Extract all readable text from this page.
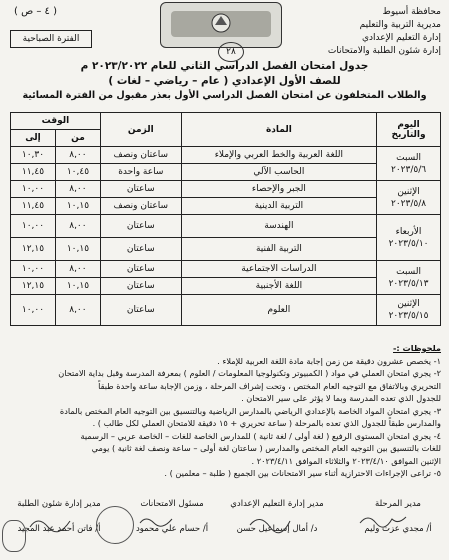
محافظة أسيوط
مديرية التربية والتعليم
إدارة التعليم الإعدادي
إدارة شئون الطلبة والامتحانات
( ٤ – ص )
الفترة الصباحية
٢٨
جدول امتحان الفصل الدراسي الثاني للعام ٢٠٢٣/٢٠٢٢ م
للصف الأول الإعدادي ( عام – رياضي – لغات )
والطلاب المتخلفون عن امتحان الفصل الدراسي الأول بعذر مقبول من الفترة المسائية
اليوم والتاريخ	المادة	الزمن	الوقت	
			من	إلى

السبت
٢٠٢٣/٥/٦	اللغة العربية والخط العربي والإملاء	ساعتان ونصف	٨,٠٠	١٠,٣٠
	الحاسب الآلي	ساعة واحدة	١٠,٤٥	١١,٤٥

الإثنين
٢٠٢٣/٥/٨	الجبر والإحصاء	ساعتان	٨,٠٠	١٠,٠٠
	التربية الدينية	ساعتان ونصف	١٠,١٥	١١,٤٥

الأربعاء
٢٠٢٣/٥/١٠	الهندسة	ساعتان	٨,٠٠	١٠,٠٠
	التربية الفنية	ساعتان	١٠,١٥	١٢,١٥

السبت
٢٠٢٣/٥/١٣	الدراسات الاجتماعية	ساعتان	٨,٠٠	١٠,٠٠
	اللغة الأجنبية	ساعتان	١٠,١٥	١٢,١٥

الإثنين
٢٠٢٣/٥/١٥	العلوم	ساعتان	٨,٠٠	١٠,٠٠
ملحوظات :-
١- يخصص عشرون دقيقة من زمن إجابة مادة اللغة العربية للإملاء .
٢- يجري امتحان العملي في مواد ( الكمبيوتر وتكنولوجيا المعلومات / العلوم ) بمعرفة المدرسة وقبل بداية الامتحان
التحريري وبالاتفاق مع التوجيه العام المختص ، وتحت إشراف المرحلة ، وزمن الإجابة ساعة واحدة طبقاً
للجدول الذي تعده المدرسة وبما لا يؤثر على سير الامتحان .
٣- يجري امتحان المواد الخاصة بالإعدادي الرياضي بالمدارس الرياضية وبالتنسيق بين التوجيه العام المختص بالمادة
والمدارس طبقاً للجدول الذي تعده بالمرحلة ( ساعة تحريري + ١٥ دقيقة للامتحان العملي لكل طالب ) .
٤- يجري امتحان المستوى الرفيع ( لغة أولى / لغة ثانية ) للمدارس الخاصة للغات – الخاصة عربي – الرسمية
للغات بالتنسيق بين التوجيه العام المختص والمدارس ( ساعتان لغة أولى – ساعة ونصف لغة ثانية ) يومي
الإثنين الموافق ٢٠٢٣/٤/١٠ والثلاثاء الموافق ٢٠٢٣/٤/١١ .
٥- تراعى الإجراءات الاحترازية أثناء سير الامتحانات بين الجميع ( طلبة – معلمين ) .
مدير المرحلة
أ/ مجدي عزت وليم
مدير إدارة التعليم الإعدادي
د/ أمال إسماعيل حسن
مسئول الامتحانات
أ/ حسام علي محمود
مدير إدارة شئون الطلبة
أ/ فاتن أحمد عبد المجيد
